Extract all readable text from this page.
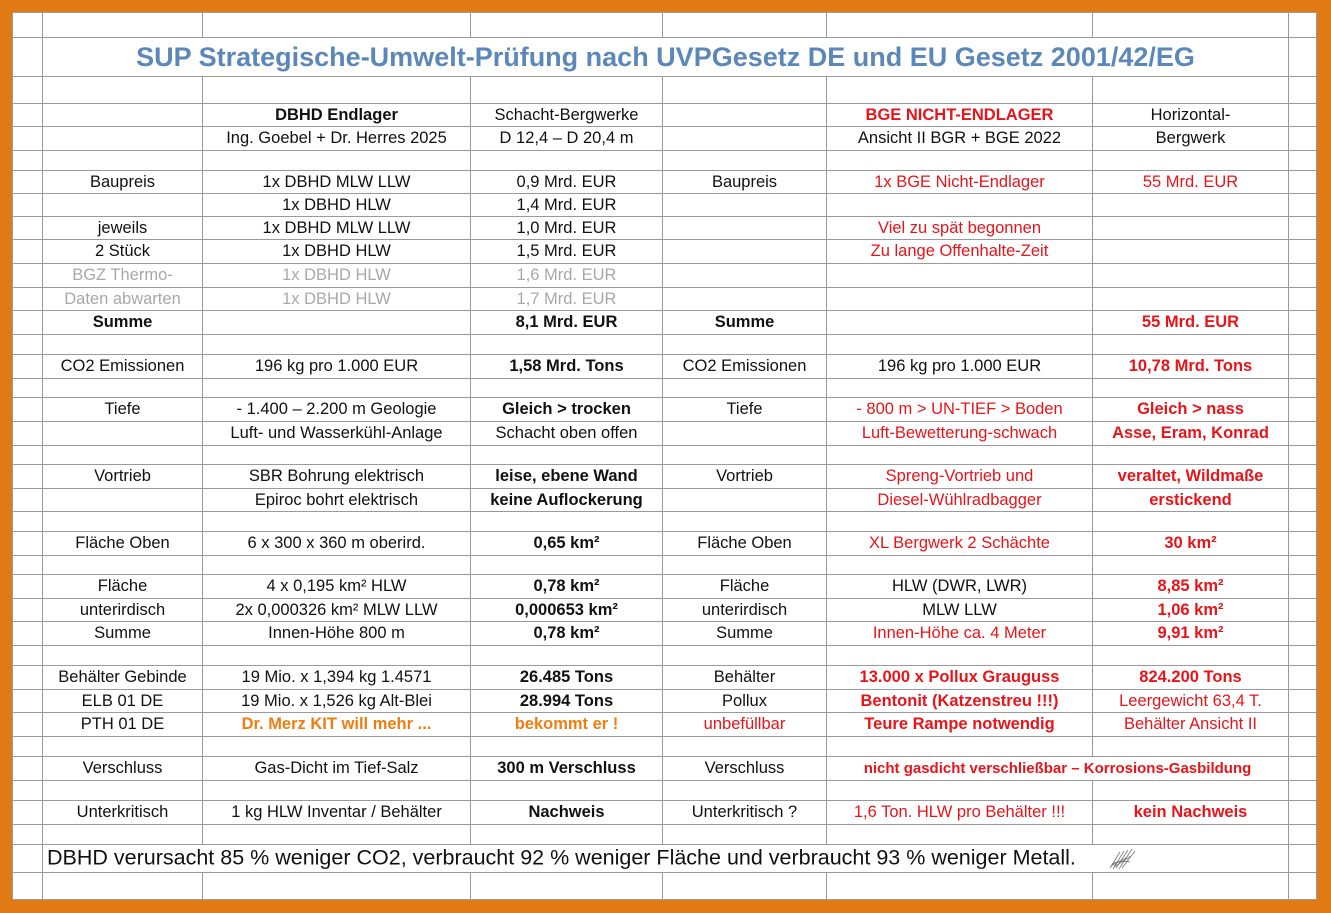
	SUP Strategische-Umwelt-Prüfung nach UVPGesetz DE und EU Gesetz 2001/42/EG						

		DBHD Endlager	Schacht-Bergwerke		BGE NICHT-ENDLAGER	Horizontal-	
		Ing. Goebel + Dr. Herres 2025	D 12,4 – D 20,4 m		Ansicht II BGR + BGE 2022	Bergwerk	

	Baupreis	1x DBHD MLW LLW	0,9 Mrd. EUR	Baupreis	1x BGE Nicht-Endlager	55 Mrd. EUR	
		1x DBHD HLW	1,4 Mrd. EUR				
	jeweils	1x DBHD MLW LLW	1,0 Mrd. EUR		Viel zu spät begonnen		
	2 Stück	1x DBHD HLW	1,5 Mrd. EUR		Zu lange Offenhalte-Zeit		
	BGZ Thermo-	1x DBHD HLW	1,6 Mrd. EUR				
	Daten abwarten	1x DBHD HLW	1,7 Mrd. EUR				
	Summe		8,1 Mrd. EUR	Summe		55 Mrd. EUR	

	CO2 Emissionen	196 kg pro 1.000 EUR	1,58 Mrd. Tons	CO2 Emissionen	196 kg pro 1.000 EUR	10,78 Mrd. Tons	

	Tiefe	- 1.400 – 2.200 m Geologie	Gleich > trocken	Tiefe	- 800 m > UN-TIEF > Boden	Gleich > nass	
		Luft- und Wasserkühl-Anlage	Schacht oben offen		Luft-Bewetterung-schwach	Asse, Eram, Konrad	

	Vortrieb	SBR Bohrung elektrisch	leise, ebene Wand	Vortrieb	Spreng-Vortrieb und	veraltet, Wildmaße	
		Epiroc bohrt elektrisch	keine Auflockerung		Diesel-Wühlradbagger	erstickend	

	Fläche Oben	6 x 300 x 360 m oberird.	0,65 km²	Fläche Oben	XL Bergwerk 2 Schächte	30 km²	

	Fläche	4 x 0,195 km² HLW	0,78 km²	Fläche	HLW (DWR, LWR)	8,85 km²	
	unterirdisch	2x 0,000326 km² MLW LLW	0,000653 km²	unterirdisch	MLW LLW	1,06 km²	
	Summe	Innen-Höhe 800 m	0,78 km²	Summe	Innen-Höhe ca. 4 Meter	9,91 km²	

	Behälter Gebinde	19 Mio. x 1,394 kg 1.4571	26.485 Tons	Behälter	13.000 x Pollux Grauguss	824.200 Tons	
	ELB 01 DE	19 Mio. x 1,526 kg Alt-Blei	28.994 Tons	Pollux	Bentonit (Katzenstreu !!!)	Leergewicht 63,4 T.	
	PTH 01 DE	Dr. Merz KIT will mehr ...	bekommt er !	unbefüllbar	Teure Rampe notwendig	Behälter Ansicht II	

	Verschluss	Gas-Dicht im Tief-Salz	300 m Verschluss	Verschluss	nicht gasdicht verschließbar – Korrosions-Gasbildung		

	Unterkritisch	1 kg HLW Inventar / Behälter	Nachweis	Unterkritisch ?	1,6 Ton. HLW pro Behälter !!!	kein Nachweis	

	DBHD verursacht 85 % weniger CO2, verbraucht 92 % weniger Fläche und verbraucht 93 % weniger Metall.						
